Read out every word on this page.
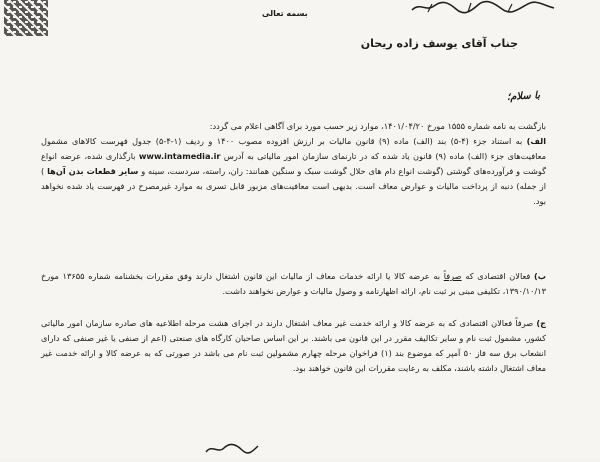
بسمه تعالی
جناب آقای یوسف زاده ریحان
با سلام؛
بازگشت به نامه شماره ۱۵۵۵ مورخ ۱۴۰۱/۰۴/۲۰، موارد زیر حسب مورد برای آگاهی اعلام می گردد:
الف) به استناد جزء (۴-۵) بند (الف) ماده (۹) قانون مالیات بر ارزش افزوده مصوب ۱۴۰۰ و ردیف (۱-۴-۵) جدول فهرست کالاهای مشمول معافیت‌های جزء (الف) ماده (۹) قانون یاد شده که در تارنمای سازمان امور مالیاتی به آدرس www.intamedia.ir بارگذاری شده، عرضه انواع گوشت و فرآورده‌های گوشتی (گوشت انواع دام های حلال گوشت سبک و سنگین همانند: ران، راسته، سردست، سینه و سایر قطعات بدن آن‌ها ) از جمله) دنبه از پرداخت مالیات و عوارض معاف است. بدیهی است معافیت‌های مزبور قابل تسری به موارد غیرمصرح در فهرست یاد شده نخواهد بود.
ب) فعالان اقتصادی که صرفاً به عرضه کالا یا ارائه خدمات معاف از مالیات این قانون اشتغال دارند وفق مقررات بخشنامه شماره ۱۳۶۵۵ مورخ ۱۳۹۰/۱۰/۱۳، تکلیفی مبنی بر ثبت نام، ارائه اظهارنامه و وصول مالیات و عوارض نخواهند داشت.
ج) صرفاً فعالان اقتصادی که به عرضه کالا و ارائه خدمت غیر معاف اشتغال دارند در اجرای هشت مرحله اطلاعیه های صادره سازمان امور مالیاتی کشور، مشمول ثبت نام و سایر تکالیف مقرر در این قانون می باشند. بر این اساس صاحبان کارگاه های صنعتی (اعم از صنفی یا غیر صنفی که دارای انشعاب برق سه فاز ۵۰ آمپر که موضوع بند (۱) فراخوان مرحله چهارم مشمولین ثبت نام می باشد در صورتی که به عرضه کالا و ارائه خدمت غیر معاف اشتغال داشته باشند، مکلف به رعایت مقررات این قانون خواهند بود.
